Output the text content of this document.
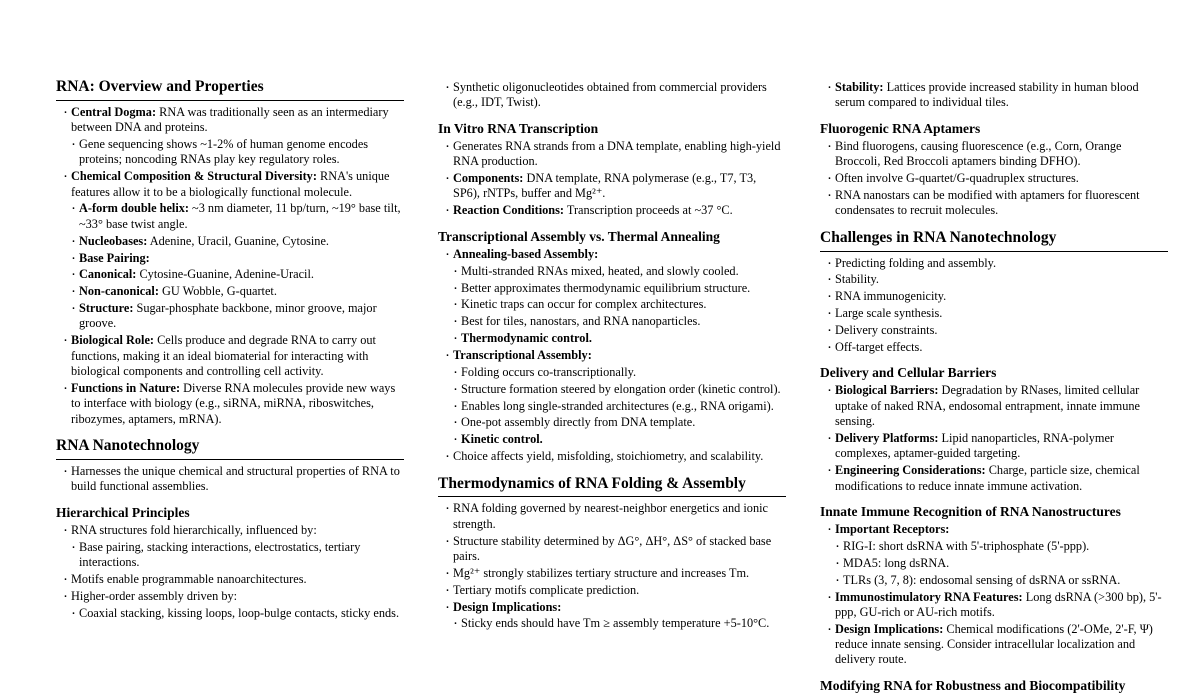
RNA: Overview and Properties
· Central Dogma: RNA was traditionally seen as an intermediary between DNA and proteins.
· Gene sequencing shows ~1-2% of human genome encodes proteins; noncoding RNAs play key regulatory roles.
· Chemical Composition & Structural Diversity: RNA's unique features allow it to be a biologically functional molecule.
· A-form double helix: ~3 nm diameter, 11 bp/turn, ~19° base tilt, ~33° base twist angle.
· Nucleobases: Adenine, Uracil, Guanine, Cytosine.
· Base Pairing:
· Canonical: Cytosine-Guanine, Adenine-Uracil.
· Non-canonical: GU Wobble, G-quartet.
· Structure: Sugar-phosphate backbone, minor groove, major groove.
· Biological Role: Cells produce and degrade RNA to carry out functions, making it an ideal biomaterial for interacting with biological components and controlling cell activity.
· Functions in Nature: Diverse RNA molecules provide new ways to interface with biology (e.g., siRNA, miRNA, riboswitches, ribozymes, aptamers, mRNA).
RNA Nanotechnology
· Harnesses the unique chemical and structural properties of RNA to build functional assemblies.
Hierarchical Principles
· RNA structures fold hierarchically, influenced by:
· Base pairing, stacking interactions, electrostatics, tertiary interactions.
· Motifs enable programmable nanoarchitectures.
· Higher-order assembly driven by:
· Coaxial stacking, kissing loops, loop-bulge contacts, sticky ends.
· Synthetic oligonucleotides obtained from commercial providers (e.g., IDT, Twist).
In Vitro RNA Transcription
· Generates RNA strands from a DNA template, enabling high-yield RNA production.
· Components: DNA template, RNA polymerase (e.g., T7, T3, SP6), rNTPs, buffer and Mg²⁺.
· Reaction Conditions: Transcription proceeds at ~37 °C.
Transcriptional Assembly vs. Thermal Annealing
· Annealing-based Assembly:
· Multi-stranded RNAs mixed, heated, and slowly cooled.
· Better approximates thermodynamic equilibrium structure.
· Kinetic traps can occur for complex architectures.
· Best for tiles, nanostars, and RNA nanoparticles.
· Thermodynamic control.
· Transcriptional Assembly:
· Folding occurs co-transcriptionally.
· Structure formation steered by elongation order (kinetic control).
· Enables long single-stranded architectures (e.g., RNA origami).
· One-pot assembly directly from DNA template.
· Kinetic control.
· Choice affects yield, misfolding, stoichiometry, and scalability.
Thermodynamics of RNA Folding & Assembly
· RNA folding governed by nearest-neighbor energetics and ionic strength.
· Structure stability determined by ΔG°, ΔH°, ΔS° of stacked base pairs.
· Mg²⁺ strongly stabilizes tertiary structure and increases Tm.
· Tertiary motifs complicate prediction.
· Design Implications:
· Sticky ends should have Tm ≥ assembly temperature +5-10°C.
· Stability: Lattices provide increased stability in human blood serum compared to individual tiles.
Fluorogenic RNA Aptamers
· Bind fluorogens, causing fluorescence (e.g., Corn, Orange Broccoli, Red Broccoli aptamers binding DFHO).
· Often involve G-quartet/G-quadruplex structures.
· RNA nanostars can be modified with aptamers for fluorescent condensates to recruit molecules.
Challenges in RNA Nanotechnology
· Predicting folding and assembly.
· Stability.
· RNA immunogenicity.
· Large scale synthesis.
· Delivery constraints.
· Off-target effects.
Delivery and Cellular Barriers
· Biological Barriers: Degradation by RNases, limited cellular uptake of naked RNA, endosomal entrapment, innate immune sensing.
· Delivery Platforms: Lipid nanoparticles, RNA-polymer complexes, aptamer-guided targeting.
· Engineering Considerations: Charge, particle size, chemical modifications to reduce innate immune activation.
Innate Immune Recognition of RNA Nanostructures
· Important Receptors:
· RIG-I: short dsRNA with 5'-triphosphate (5'-ppp).
· MDA5: long dsRNA.
· TLRs (3, 7, 8): endosomal sensing of dsRNA or ssRNA.
· Immunostimulatory RNA Features: Long dsRNA (>300 bp), 5'-ppp, GU-rich or AU-rich motifs.
· Design Implications: Chemical modifications (2'-OMe, 2'-F, Ψ) reduce innate sensing. Consider intracellular localization and delivery route.
Modifying RNA for Robustness and Biocompatibility
